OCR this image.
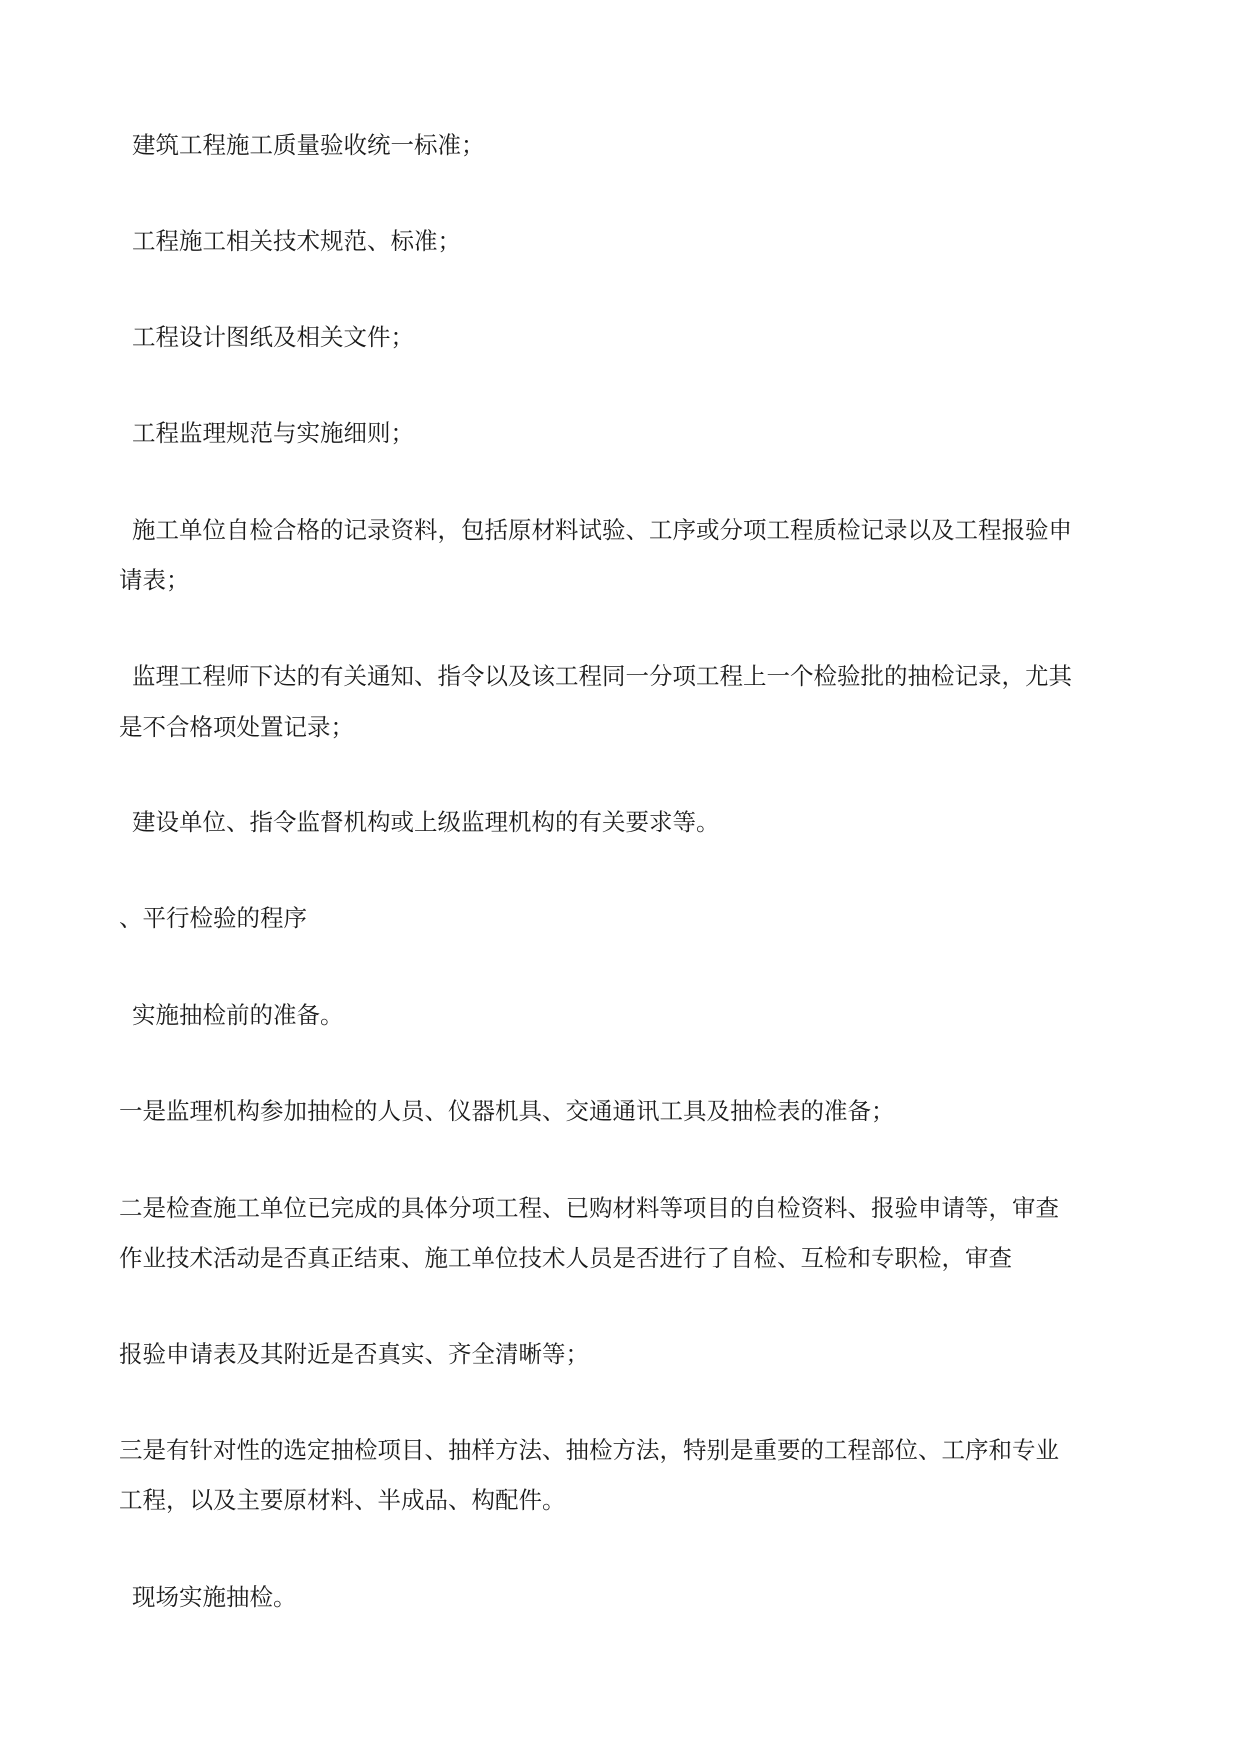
建筑工程施工质量验收统一标准；

工程施工相关技术规范、标准；

工程设计图纸及相关文件；

工程监理规范与实施细则；

施工单位自检合格的记录资料，包括原材料试验、工序或分项工程质检记录以及工程报验申

请表；

监理工程师下达的有关通知、指令以及该工程同一分项工程上一个检验批的抽检记录，尤其

是不合格项处置记录；

建设单位、指令监督机构或上级监理机构的有关要求等。

、平行检验的程序

实施抽检前的准备。

一是监理机构参加抽检的人员、仪器机具、交通通讯工具及抽检表的准备；

二是检查施工单位已完成的具体分项工程、已购材料等项目的自检资料、报验申请等，审查

作业技术活动是否真正结束、施工单位技术人员是否进行了自检、互检和专职检，审查

报验申请表及其附近是否真实、齐全清晰等；

三是有针对性的选定抽检项目、抽样方法、抽检方法，特别是重要的工程部位、工序和专业

工程，以及主要原材料、半成品、构配件。

现场实施抽检。
